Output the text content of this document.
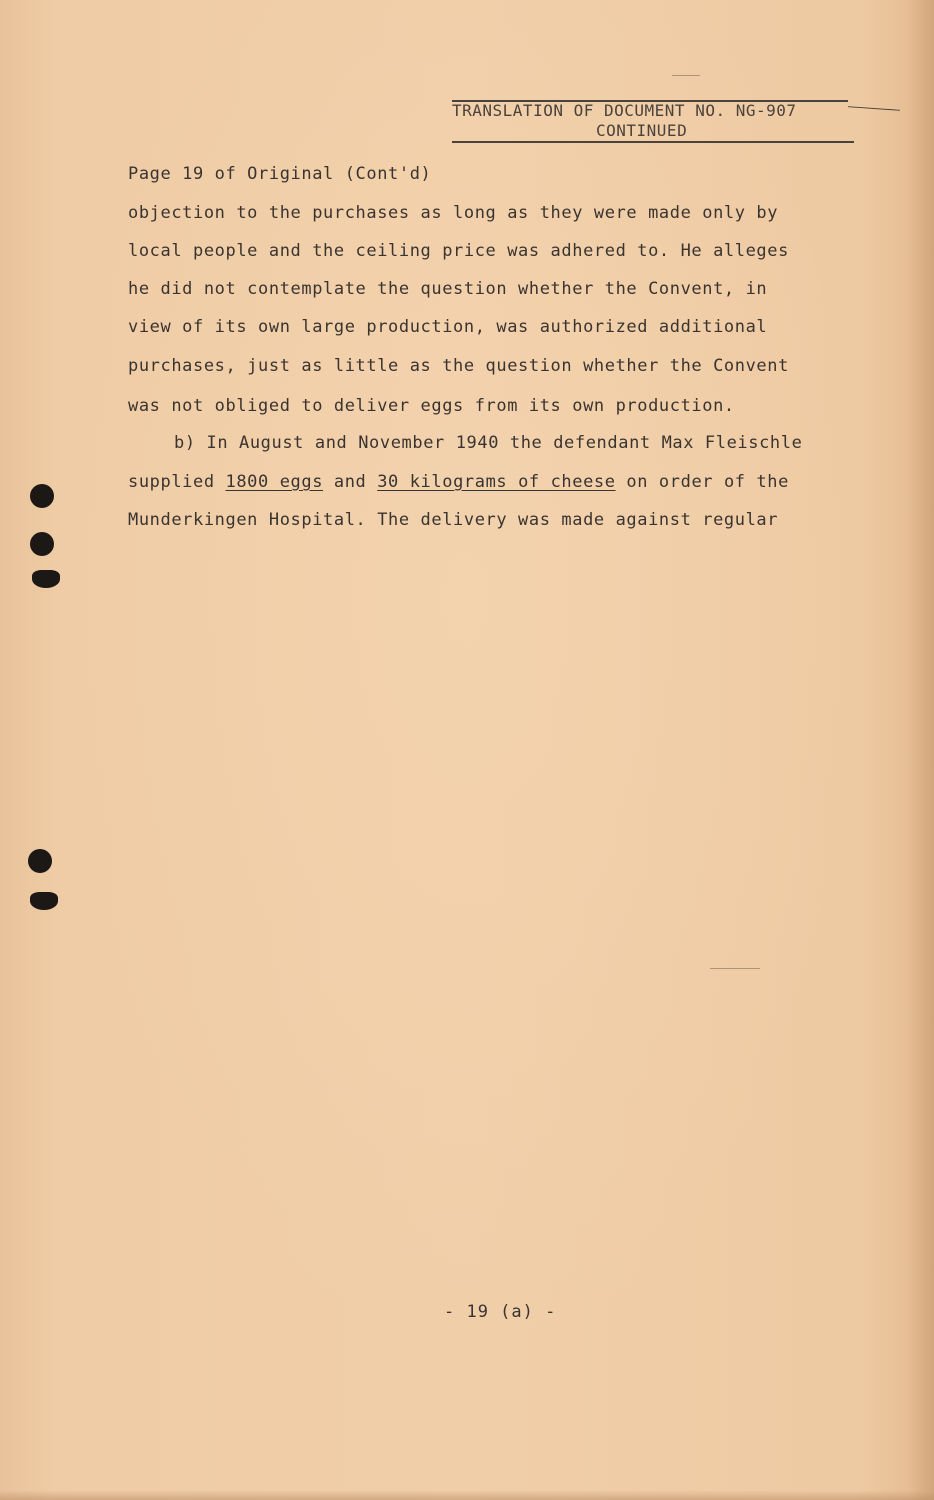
TRANSLATION OF DOCUMENT NO. NG-907
CONTINUED
Page 19 of Original (Cont'd)
objection to the purchases as long as they were made only by
local people and the ceiling price was adhered to. He alleges
he did not contemplate the question whether the Convent, in
view of its own large production, was authorized additional
purchases, just as little as the question whether the Convent
was not obliged to deliver eggs from its own production.
b) In August and November 1940 the defendant Max Fleischle
supplied 1800 eggs and 30 kilograms of cheese on order of the
Munderkingen Hospital. The delivery was made against regular
- 19 (a) -
